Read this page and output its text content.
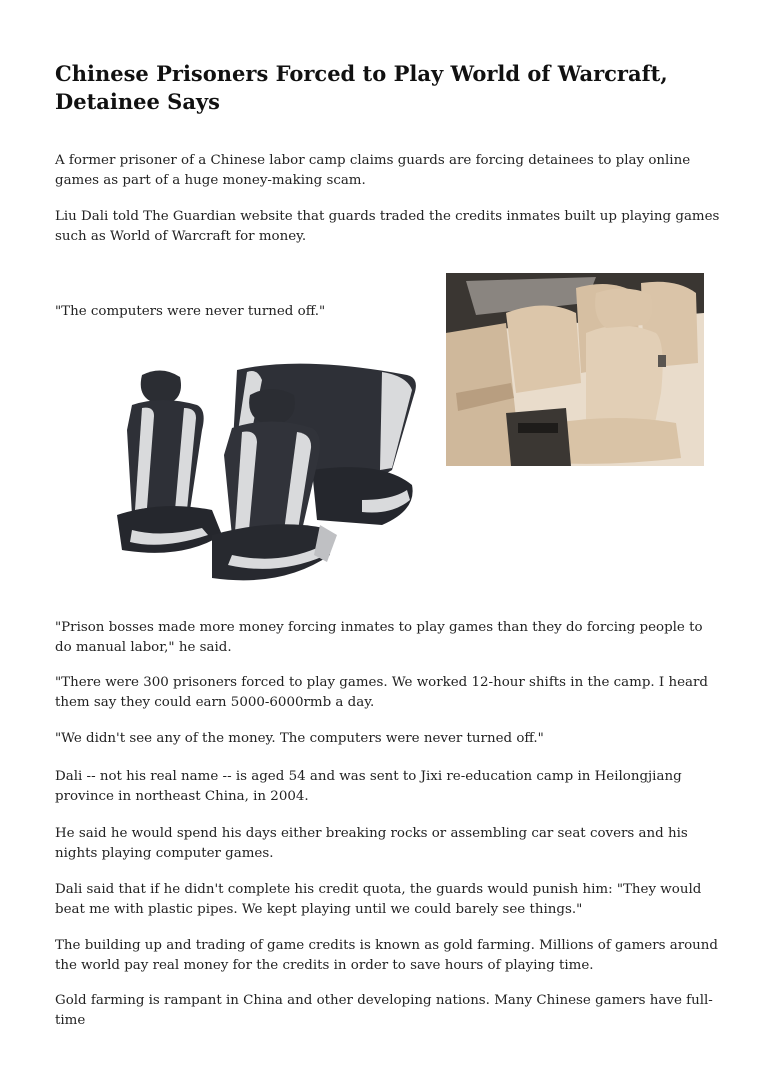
Chinese Prisoners Forced to Play World of Warcraft, Detainee Says

A former prisoner of a Chinese labor camp claims guards are forcing detainees to play online games as part of a huge money-making scam.

Liu Dali told The Guardian website that guards traded the credits inmates built up playing games such as World of Warcraft for money.

"The computers were never turned off."

"Prison bosses made more money forcing inmates to play games than they do forcing people to do manual labor," he said.

"There were 300 prisoners forced to play games. We worked 12-hour shifts in the camp. I heard them say they could earn 5000-6000rmb a day.

"We didn't see any of the money. The computers were never turned off."

Dali -- not his real name -- is aged 54 and was sent to Jixi re-education camp in Heilongjiang province in northeast China, in 2004.

He said he would spend his days either breaking rocks or assembling car seat covers and his nights playing computer games.

Dali said that if he didn't complete his credit quota, the guards would punish him: "They would beat me with plastic pipes. We kept playing until we could barely see things."

The building up and trading of game credits is known as gold farming. Millions of gamers around the world pay real money for the credits in order to save hours of playing time.

Gold farming is rampant in China and other developing nations. Many Chinese gamers have full-time
